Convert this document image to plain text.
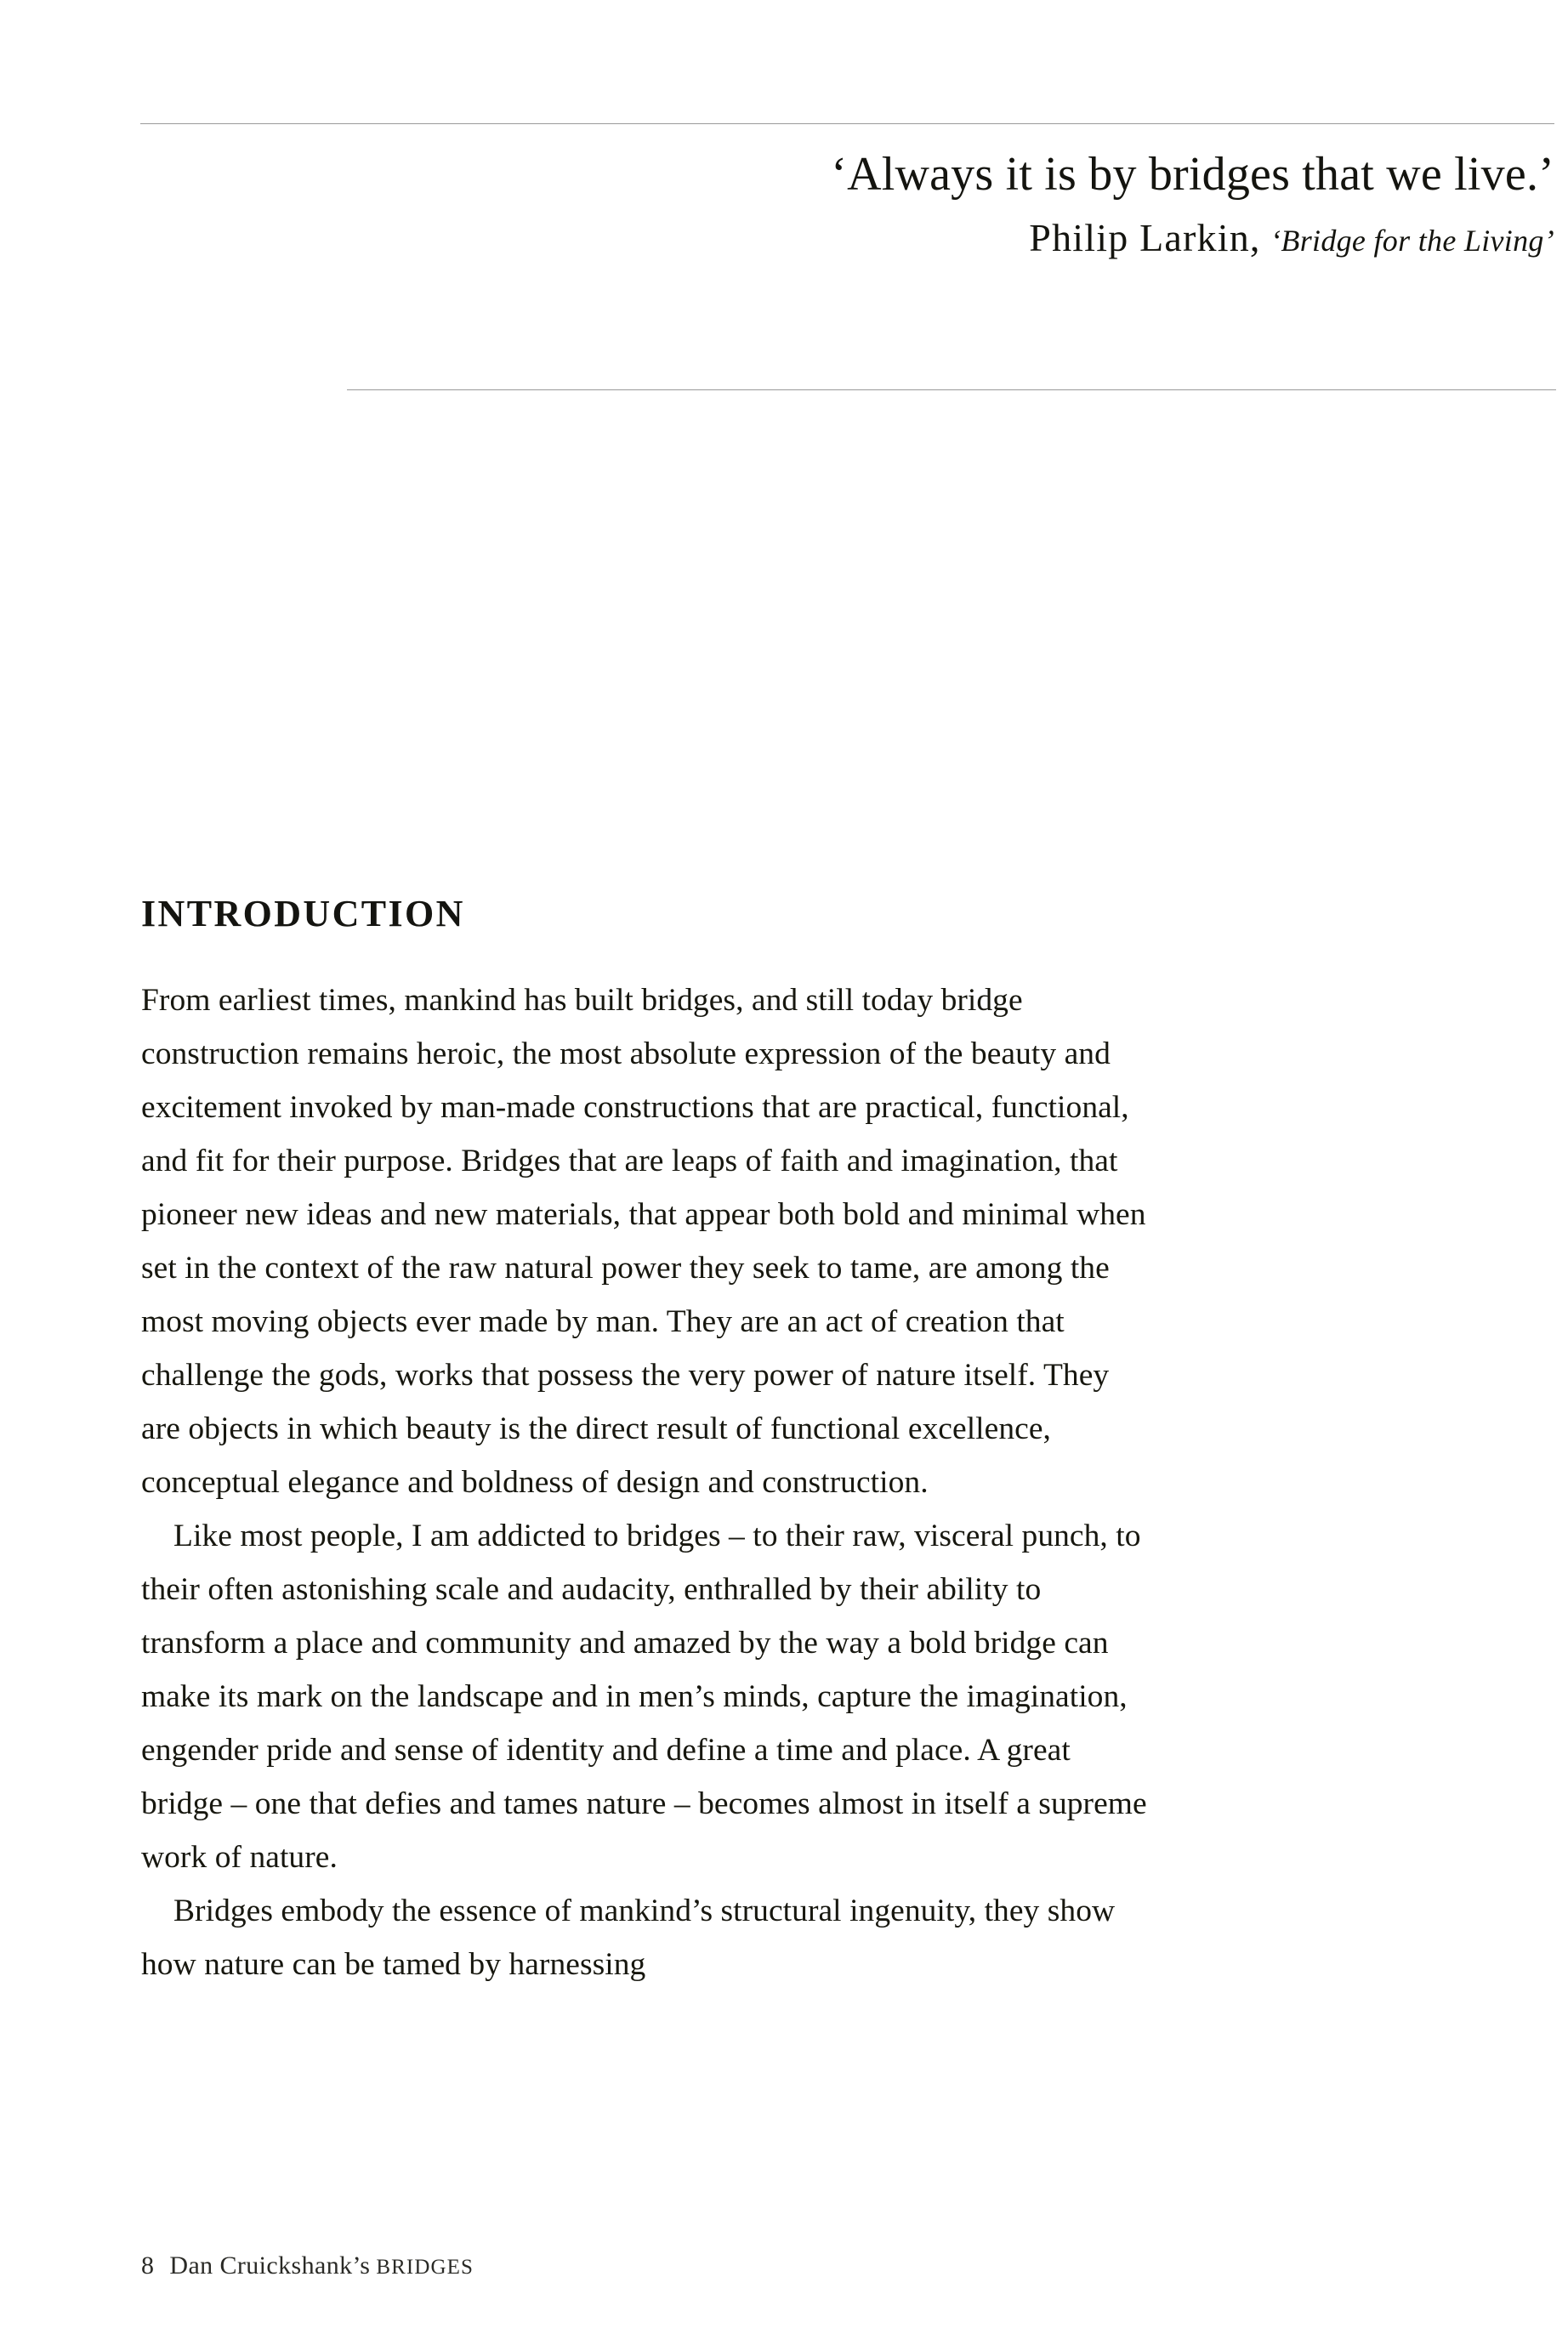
‘Always it is by bridges that we live.’
Philip Larkin, ‘Bridge for the Living’
INTRODUCTION

From earliest times, mankind has built bridges, and still today bridge construction remains heroic, the most absolute expression of the beauty and excitement invoked by man-made constructions that are practical, functional, and fit for their purpose. Bridges that are leaps of faith and imagination, that pioneer new ideas and new materials, that appear both bold and minimal when set in the context of the raw natural power they seek to tame, are among the most moving objects ever made by man. They are an act of creation that challenge the gods, works that possess the very power of nature itself. They are objects in which beauty is the direct result of functional excellence, conceptual elegance and boldness of design and construction.

Like most people, I am addicted to bridges – to their raw, visceral punch, to their often astonishing scale and audacity, enthralled by their ability to transform a place and community and amazed by the way a bold bridge can make its mark on the landscape and in men’s minds, capture the imagination, engender pride and sense of identity and define a time and place. A great bridge – one that defies and tames nature – becomes almost in itself a supreme work of nature.

Bridges embody the essence of mankind’s structural ingenuity, they show how nature can be tamed by harnessing

8 Dan Cruickshank’s BRIDGES
